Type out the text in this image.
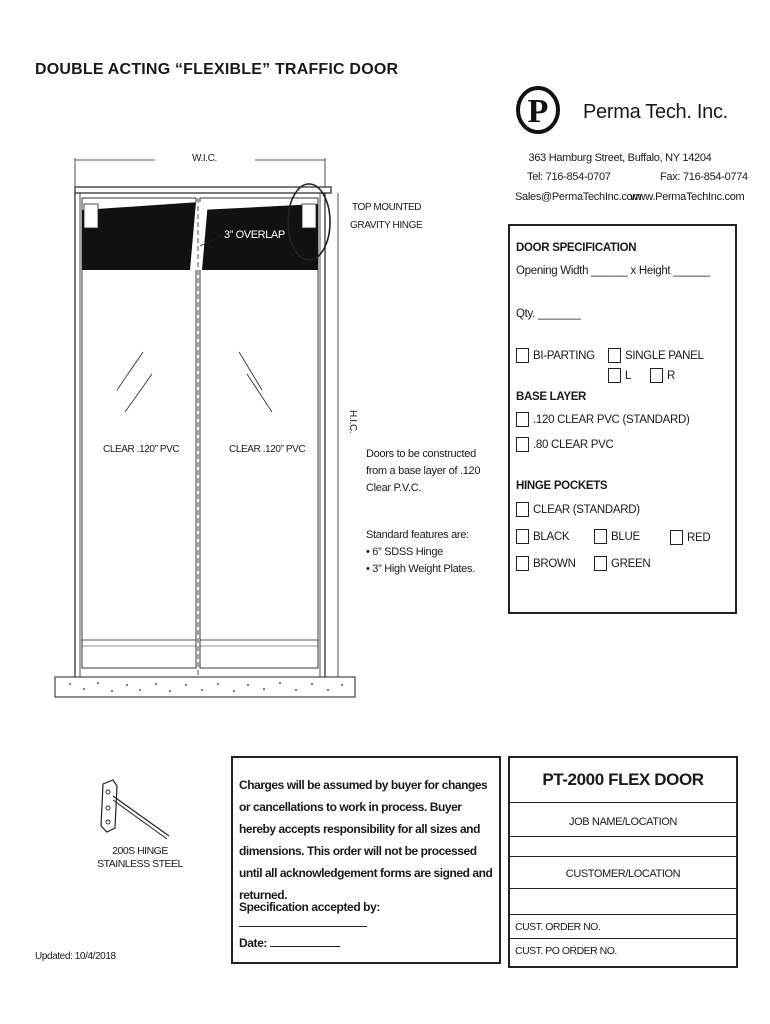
DOUBLE ACTING “FLEXIBLE” TRAFFIC DOOR
P Perma Tech. Inc.
363 Hamburg Street, Buffalo, NY 14204
Tel: 716-854-0707	Fax: 716-854-0774
Sales@PermaTechInc.com
www.PermaTechInc.com
W.I.C.
H.I.C.
3” OVERLAP
TOP MOUNTED
GRAVITY HINGE
CLEAR .120” PVC	CLEAR .120” PVC	Doors to be constructed
from a base layer of .120
Clear P.V.C.
Standard features are:
• 6” SDSS Hinge
• 3” High Weight Plates.
DOOR SPECIFICATION
Opening Width ______ x Height ______
Qty. _______
BI-PARTING	SINGLE PANEL
L	R
BASE LAYER
.120 CLEAR PVC (STANDARD)
.80 CLEAR PVC
HINGE POCKETS
CLEAR (STANDARD)
BLACK	BLUE	RED
BROWN	GREEN
200S HINGE
STAINLESS STEEL
Charges will be assumed by buyer for changes or cancellations to work in process. Buyer hereby accepts responsibility for all sizes and dimensions. This order will not be processed until all acknowledgement forms are signed and returned.
Specification accepted by:
Date:
PT-2000 FLEX DOOR
JOB NAME/LOCATION
CUSTOMER/LOCATION
CUST. ORDER NO.
CUST. PO ORDER NO.
Updated: 10/4/2018
